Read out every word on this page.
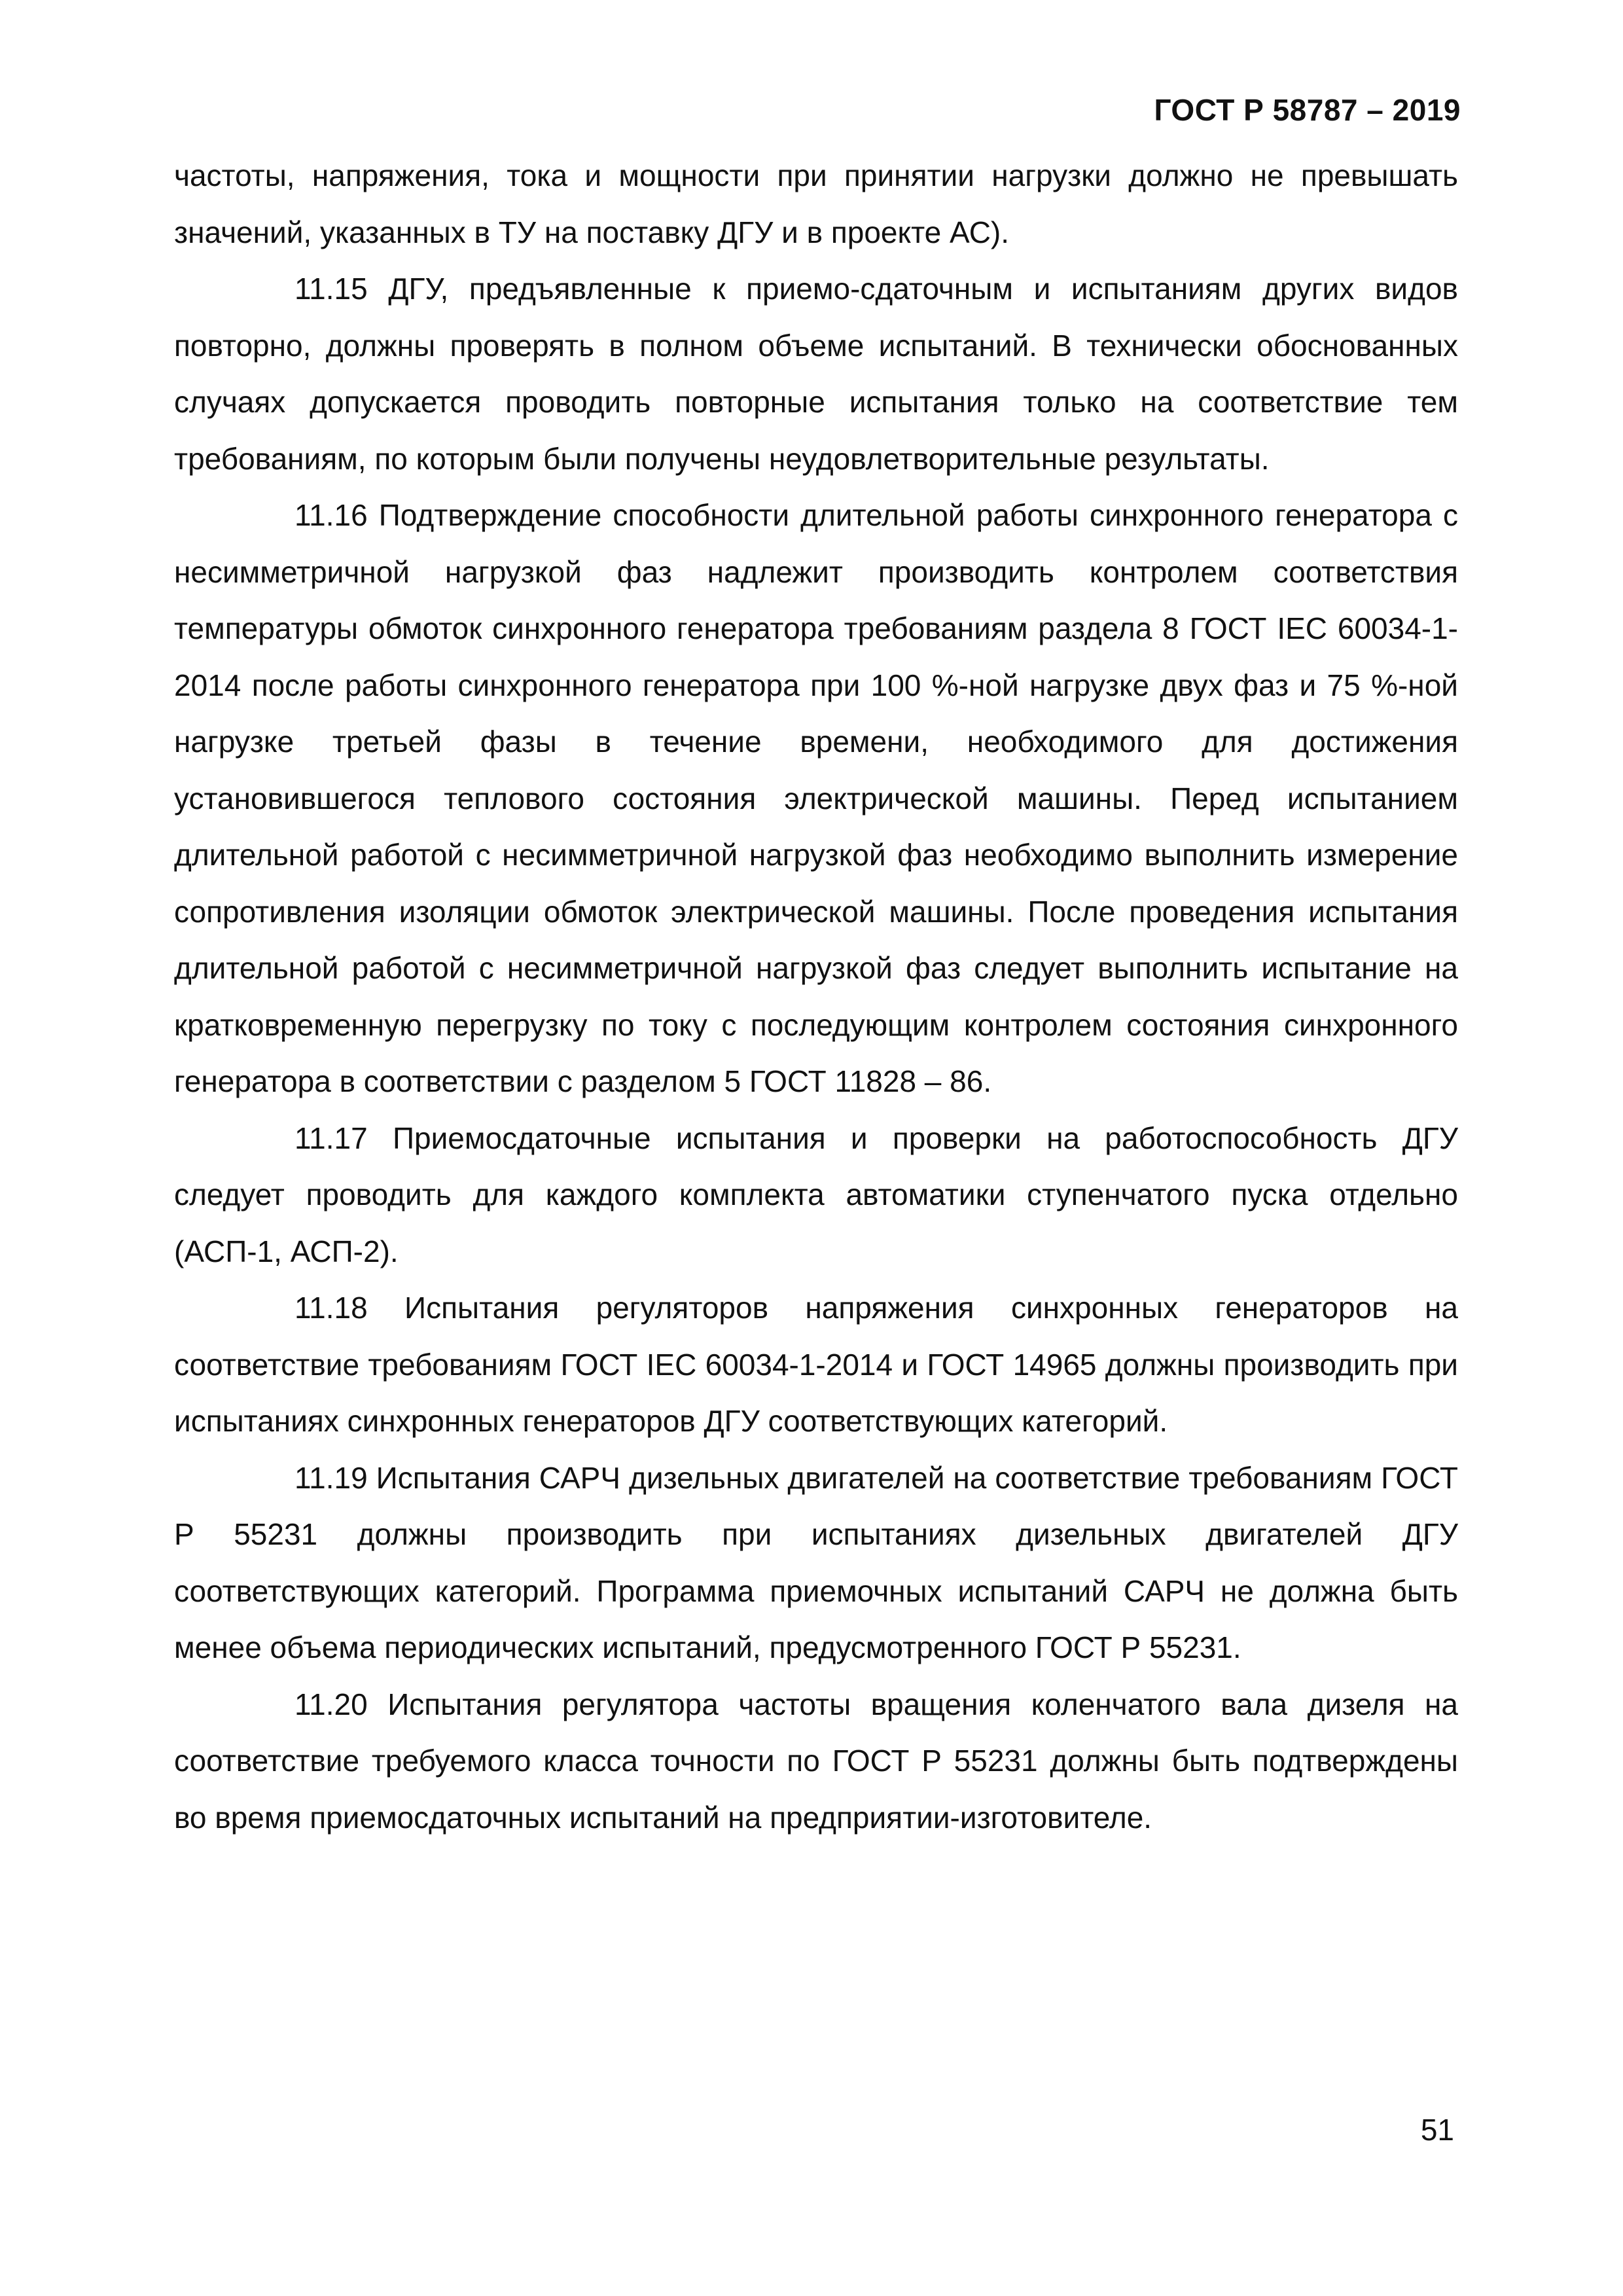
ГОСТ Р 58787 – 2019

частоты, напряжения, тока и мощности при принятии нагрузки должно не превышать значений, указанных в ТУ на поставку ДГУ и в проекте АС).

11.15 ДГУ, предъявленные к приемо-сдаточным и испытаниям других видов повторно, должны проверять в полном объеме испытаний. В технически обоснованных случаях допускается проводить повторные испытания только на соответствие тем требованиям, по которым были получены неудовлетворительные результаты.

11.16 Подтверждение способности длительной работы синхронного генератора с несимметричной нагрузкой фаз надлежит производить контролем соответствия температуры обмоток синхронного генератора требованиям раздела 8 ГОСТ IEC 60034-1-2014 после работы синхронного генератора при 100 %-ной нагрузке двух фаз и 75 %-ной нагрузке третьей фазы в течение времени, необходимого для достижения установившегося теплового состояния электрической машины. Перед испытанием длительной работой с несимметричной нагрузкой фаз необходимо выполнить измерение сопротивления изоляции обмоток электрической машины. После проведения испытания длительной работой с несимметричной нагрузкой фаз следует выполнить испытание на кратковременную перегрузку по току с последующим контролем состояния синхронного генератора в соответствии с разделом 5 ГОСТ 11828 – 86.

11.17 Приемосдаточные испытания и проверки на работоспособность ДГУ следует проводить для каждого комплекта автоматики ступенчатого пуска отдельно (АСП-1, АСП-2).

11.18 Испытания регуляторов напряжения синхронных генераторов на соответствие требованиям ГОСТ IEC 60034-1-2014 и ГОСТ 14965 должны производить при испытаниях синхронных генераторов ДГУ соответствующих категорий.

11.19 Испытания САРЧ дизельных двигателей на соответствие требованиям ГОСТ Р 55231 должны производить при испытаниях дизельных двигателей ДГУ соответствующих категорий. Программа приемочных испытаний САРЧ не должна быть менее объема периодических испытаний, предусмотренного ГОСТ Р 55231.

11.20 Испытания регулятора частоты вращения коленчатого вала дизеля на соответствие требуемого класса точности по ГОСТ Р 55231 должны быть подтверждены во время приемосдаточных испытаний на предприятии-изготовителе.

51
